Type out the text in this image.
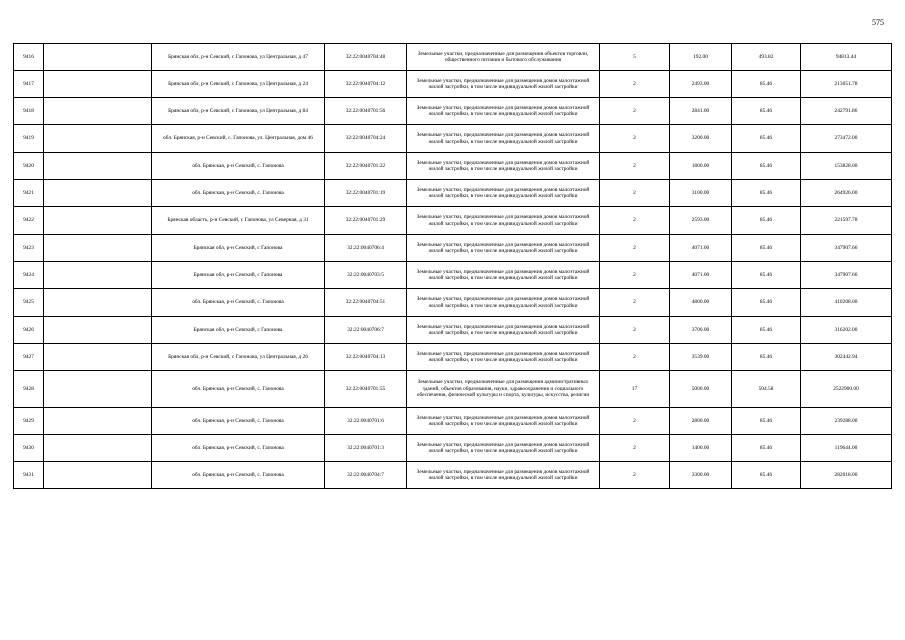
575
9416		Брянская обл, р-н Севский, с Гапонова, ул Центральная, д 47	32:22:0040704:48	Земельные участки, предназначенные для размещения объектов торговли, общественного питания и бытового обслуживания	5	192.00	493.82	94813.44
9417		Брянская обл, р-н Севский, с Гапонова, ул Центральная, д 24	32:22:0040704:12	Земельные участки, предназначенные для размещения домов малоэтажной жилой застройки, в том числе индивидуальной жилой застройки	2	2493.00	85.46	213051.78
9418		Брянская обл, р-н Севский, с Гапонова, ул Центральная, д 84	32:22:0040701:56	Земельные участки, предназначенные для размещения домов малоэтажной жилой застройки, в том числе индивидуальной жилой застройки	2	2841.00	85.46	242791.86
9419		обл. Брянская, р-н Севский, с. Гапонова, ул. Центральная, дом 46	32:22:0040704:24	Земельные участки, предназначенные для размещения домов малоэтажной жилой застройки, в том числе индивидуальной жилой застройки	2	3200.00	85.46	273472.00
9420		обл. Брянская, р-н Севский, с. Гапонова	32:22:0040701:22	Земельные участки, предназначенные для размещения домов малоэтажной жилой застройки, в том числе индивидуальной жилой застройки	2	1800.00	85.46	153828.00
9421		обл. Брянская, р-н Севский, с. Гапонова	32:22:0040701:19	Земельные участки, предназначенные для размещения домов малоэтажной жилой застройки, в том числе индивидуальной жилой застройки	2	3100.00	85.46	264926.00
9422		Брянская область, р-н Севский, с Гапонова, ул Северная, д 31	32:22:0040701:29	Земельные участки, предназначенные для размещения домов малоэтажной жилой застройки, в том числе индивидуальной жилой застройки	2	2593.00	85.46	221597.78
9423		Брянская обл, р-н Севский, с Гапонова	32:22:0040706:4	Земельные участки, предназначенные для размещения домов малоэтажной жилой застройки, в том числе индивидуальной жилой застройки	2	4071.00	85.46	347907.66
9424		Брянская обл, р-н Севский, с Гапонова	32:22:0040703:5	Земельные участки, предназначенные для размещения домов малоэтажной жилой застройки, в том числе индивидуальной жилой застройки	2	4071.00	85.46	347907.66
9425		обл. Брянская, р-н Севский, с. Гапонова	32:22:0040704:51	Земельные участки, предназначенные для размещения домов малоэтажной жилой застройки, в том числе индивидуальной жилой застройки	2	4800.00	85.46	410208.00
9426		Брянская обл, р-н Севский, с Гапонова	32:22:0040706:7	Земельные участки, предназначенные для размещения домов малоэтажной жилой застройки, в том числе индивидуальной жилой застройки	2	3700.00	85.46	316202.00
9427		Брянская обл, р-н Севский, с Гапонова, ул Центральная, д 26	32:22:0040704:13	Земельные участки, предназначенные для размещения домов малоэтажной жилой застройки, в том числе индивидуальной жилой застройки	2	3539.00	85.46	302442.94
9428		обл. Брянская, р-н Севский, с. Гапонова	32:22:0040701:55	Земельные участки, предназначенные для размещения административных зданий, объектов образования, науки, здравоохранения и социального обеспечения, физической культуры и спорта, культуры, искусства, религии	17	5000.00	504.58	2522900.00
9429		обл. Брянская, р-н Севский, с. Гапонова	32:22:0040701:6	Земельные участки, предназначенные для размещения домов малоэтажной жилой застройки, в том числе индивидуальной жилой застройки	2	2800.00	85.46	239288.00
9430		обл. Брянская, р-н Севский, с. Гапонова	32:22:0040701:3	Земельные участки, предназначенные для размещения домов малоэтажной жилой застройки, в том числе индивидуальной жилой застройки	2	1400.00	85.46	119644.00
9431		обл. Брянская, р-н Севский, с. Гапонова	32:22:0040704:7	Земельные участки, предназначенные для размещения домов малоэтажной жилой застройки, в том числе индивидуальной жилой застройки	2	3300.00	85.46	282018.00
